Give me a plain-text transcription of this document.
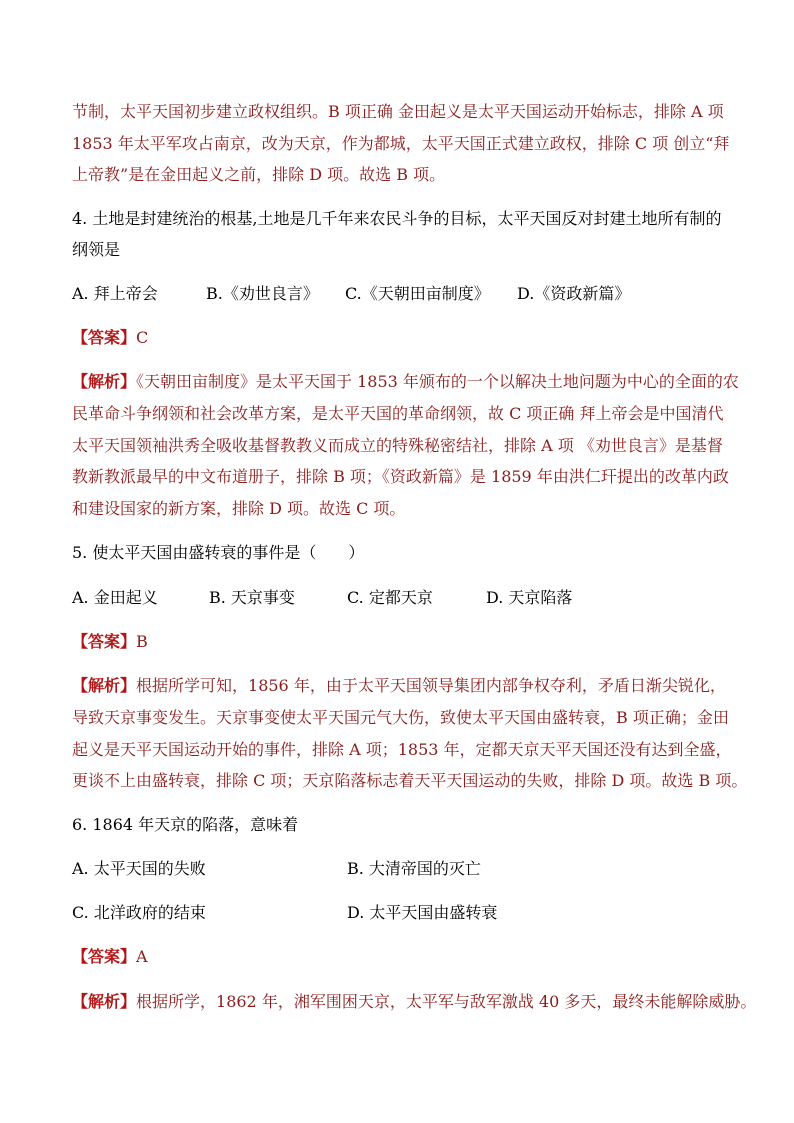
节制，太平天国初步建立政权组织。B 项正确 金田起义是太平天国运动开始标志，排除 A 项
1853 年太平军攻占南京，改为天京，作为都城，太平天国正式建立政权，排除 C 项 创立“拜
上帝教”是在金田起义之前，排除 D 项。故选 B 项。
4. 土地是封建统治的根基,土地是几千年来农民斗争的目标，太平天国反对封建土地所有制的
纲领是
A. 拜上帝会	B.《劝世良言》 C.《天朝田亩制度》 D.《资政新篇》
【答案】C
【解析】《天朝田亩制度》是太平天国于 1853 年颁布的一个以解决土地问题为中心的全面的农
民革命斗争纲领和社会改革方案，是太平天国的革命纲领，故 C 项正确 拜上帝会是中国清代
太平天国领袖洪秀全吸收基督教教义而成立的特殊秘密结社，排除 A 项 《劝世良言》是基督
教新教派最早的中文布道册子，排除 B 项；《资政新篇》是 1859 年由洪仁玕提出的改革内政
和建设国家的新方案，排除 D 项。故选 C 项。
5. 使太平天国由盛转衰的事件是（　　）
A. 金田起义	B. 天京事变	C. 定都天京	D. 天京陷落
【答案】B
【解析】根据所学可知，1856 年，由于太平天国领导集团内部争权夺利，矛盾日渐尖锐化，
导致天京事变发生。天京事变使太平天国元气大伤，致使太平天国由盛转衰，B 项正确；金田
起义是天平天国运动开始的事件，排除 A 项；1853 年，定都天京天平天国还没有达到全盛，
更谈不上由盛转衰，排除 C 项；天京陷落标志着天平天国运动的失败，排除 D 项。故选 B 项。
6. 1864 年天京的陷落，意味着
A. 太平天国的失败	B. 大清帝国的灭亡
C. 北洋政府的结束	D. 太平天国由盛转衰
【答案】A
【解析】根据所学，1862 年，湘军围困天京，太平军与敌军激战 40 多天，最终未能解除威胁。
